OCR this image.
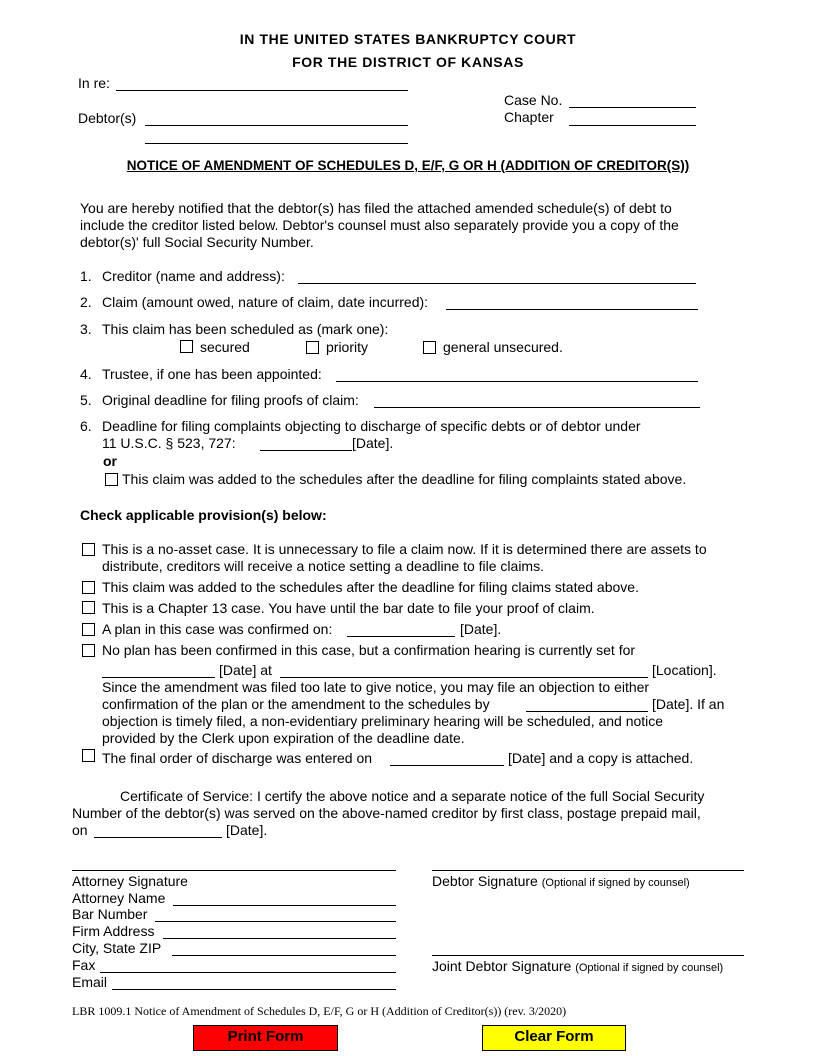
IN THE UNITED STATES BANKRUPTCY COURT
FOR THE DISTRICT OF KANSAS
In re:
Case No.
Debtor(s)	Chapter
NOTICE OF AMENDMENT OF SCHEDULES D, E/F, G OR H (ADDITION OF CREDITOR(S))
You are hereby notified that the debtor(s) has filed the attached amended schedule(s) of debt to
include the creditor listed below. Debtor's counsel must also separately provide you a copy of the
debtor(s)' full Social Security Number.
1. Creditor (name and address):
2. Claim (amount owed, nature of claim, date incurred):
3. This claim has been scheduled as (mark one):
secured	priority	general unsecured.
4. Trustee, if one has been appointed:
5. Original deadline for filing proofs of claim:
6. Deadline for filing complaints objecting to discharge of specific debts or of debtor under
11 U.S.C. § 523, 727:	[Date].
or
This claim was added to the schedules after the deadline for filing complaints stated above.
Check applicable provision(s) below:
This is a no-asset case. It is unnecessary to file a claim now. If it is determined there are assets to
distribute, creditors will receive a notice setting a deadline to file claims.
This claim was added to the schedules after the deadline for filing claims stated above.
This is a Chapter 13 case. You have until the bar date to file your proof of claim.
A plan in this case was confirmed on:	[Date].
No plan has been confirmed in this case, but a confirmation hearing is currently set for
[Date] at	[Location].
Since the amendment was filed too late to give notice, you may file an objection to either
confirmation of the plan or the amendment to the schedules by	[Date]. If an
objection is timely filed, a non-evidentiary preliminary hearing will be scheduled, and notice
provided by the Clerk upon expiration of the deadline date.
The final order of discharge was entered on	[Date] and a copy is attached.
Certificate of Service: I certify the above notice and a separate notice of the full Social Security
Number of the debtor(s) was served on the above-named creditor by first class, postage prepaid mail,
on	[Date].
Attorney Signature
Attorney Name
Bar Number
Firm Address
City, State ZIP
Fax
Email
Debtor Signature (Optional if signed by counsel)
Joint Debtor Signature (Optional if signed by counsel)
LBR 1009.1 Notice of Amendment of Schedules D, E/F, G or H (Addition of Creditor(s)) (rev. 3/2020)
Print Form	Clear Form
